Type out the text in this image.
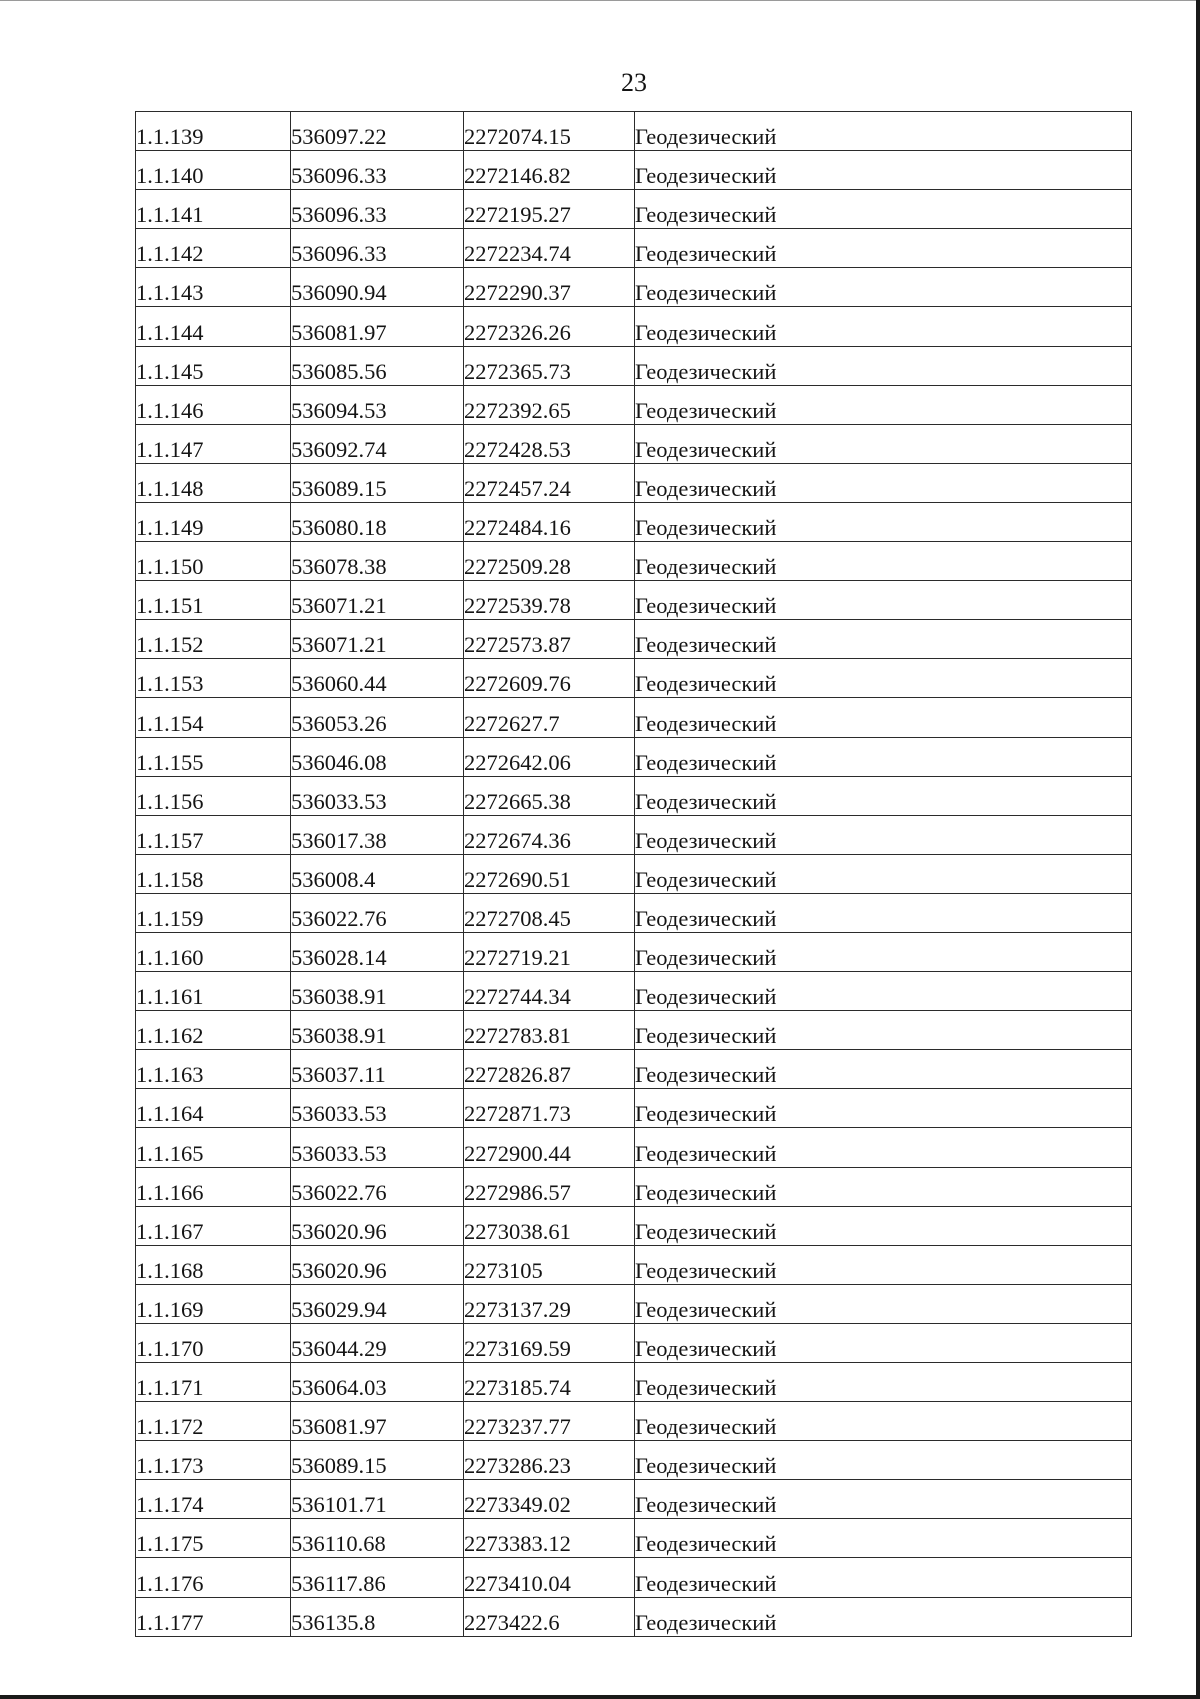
23
1.1.139	536097.22	2272074.15	Геодезический
1.1.140	536096.33	2272146.82	Геодезический
1.1.141	536096.33	2272195.27	Геодезический
1.1.142	536096.33	2272234.74	Геодезический
1.1.143	536090.94	2272290.37	Геодезический
1.1.144	536081.97	2272326.26	Геодезический
1.1.145	536085.56	2272365.73	Геодезический
1.1.146	536094.53	2272392.65	Геодезический
1.1.147	536092.74	2272428.53	Геодезический
1.1.148	536089.15	2272457.24	Геодезический
1.1.149	536080.18	2272484.16	Геодезический
1.1.150	536078.38	2272509.28	Геодезический
1.1.151	536071.21	2272539.78	Геодезический
1.1.152	536071.21	2272573.87	Геодезический
1.1.153	536060.44	2272609.76	Геодезический
1.1.154	536053.26	2272627.7	Геодезический
1.1.155	536046.08	2272642.06	Геодезический
1.1.156	536033.53	2272665.38	Геодезический
1.1.157	536017.38	2272674.36	Геодезический
1.1.158	536008.4	2272690.51	Геодезический
1.1.159	536022.76	2272708.45	Геодезический
1.1.160	536028.14	2272719.21	Геодезический
1.1.161	536038.91	2272744.34	Геодезический
1.1.162	536038.91	2272783.81	Геодезический
1.1.163	536037.11	2272826.87	Геодезический
1.1.164	536033.53	2272871.73	Геодезический
1.1.165	536033.53	2272900.44	Геодезический
1.1.166	536022.76	2272986.57	Геодезический
1.1.167	536020.96	2273038.61	Геодезический
1.1.168	536020.96	2273105	Геодезический
1.1.169	536029.94	2273137.29	Геодезический
1.1.170	536044.29	2273169.59	Геодезический
1.1.171	536064.03	2273185.74	Геодезический
1.1.172	536081.97	2273237.77	Геодезический
1.1.173	536089.15	2273286.23	Геодезический
1.1.174	536101.71	2273349.02	Геодезический
1.1.175	536110.68	2273383.12	Геодезический
1.1.176	536117.86	2273410.04	Геодезический
1.1.177	536135.8	2273422.6	Геодезический
